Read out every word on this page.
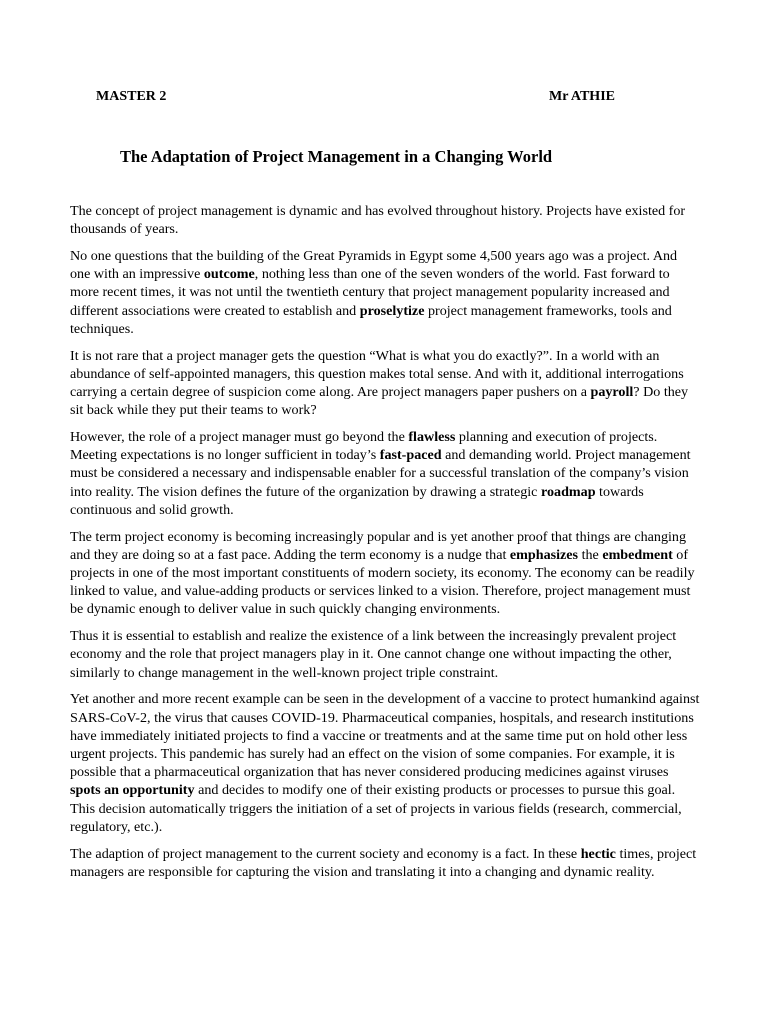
MASTER 2	Mr ATHIE
The Adaptation of Project Management in a Changing World

The concept of project management is dynamic and has evolved throughout history. Projects have existed for thousands of years.

No one questions that the building of the Great Pyramids in Egypt some 4,500 years ago was a project. And one with an impressive outcome, nothing less than one of the seven wonders of the world. Fast forward to more recent times, it was not until the twentieth century that project management popularity increased and different associations were created to establish and proselytize project management frameworks, tools and techniques.

It is not rare that a project manager gets the question “What is what you do exactly?”. In a world with an abundance of self-appointed managers, this question makes total sense. And with it, additional interrogations carrying a certain degree of suspicion come along. Are project managers paper pushers on a payroll? Do they sit back while they put their teams to work?

However, the role of a project manager must go beyond the flawless planning and execution of projects. Meeting expectations is no longer sufficient in today’s fast-paced and demanding world. Project management must be considered a necessary and indispensable enabler for a successful translation of the company’s vision into reality. The vision defines the future of the organization by drawing a strategic roadmap towards continuous and solid growth.

The term project economy is becoming increasingly popular and is yet another proof that things are changing and they are doing so at a fast pace. Adding the term economy is a nudge that emphasizes the embedment of projects in one of the most important constituents of modern society, its economy. The economy can be readily linked to value, and value-adding products or services linked to a vision. Therefore, project management must be dynamic enough to deliver value in such quickly changing environments.

Thus it is essential to establish and realize the existence of a link between the increasingly prevalent project economy and the role that project managers play in it. One cannot change one without impacting the other, similarly to change management in the well-known project triple constraint.

Yet another and more recent example can be seen in the development of a vaccine to protect humankind against SARS-CoV-2, the virus that causes COVID-19. Pharmaceutical companies, hospitals, and research institutions have immediately initiated projects to find a vaccine or treatments and at the same time put on hold other less urgent projects. This pandemic has surely had an effect on the vision of some companies. For example, it is possible that a pharmaceutical organization that has never considered producing medicines against viruses spots an opportunity and decides to modify one of their existing products or processes to pursue this goal. This decision automatically triggers the initiation of a set of projects in various fields (research, commercial, regulatory, etc.).

The adaption of project management to the current society and economy is a fact. In these hectic times, project managers are responsible for capturing the vision and translating it into a changing and dynamic reality.
